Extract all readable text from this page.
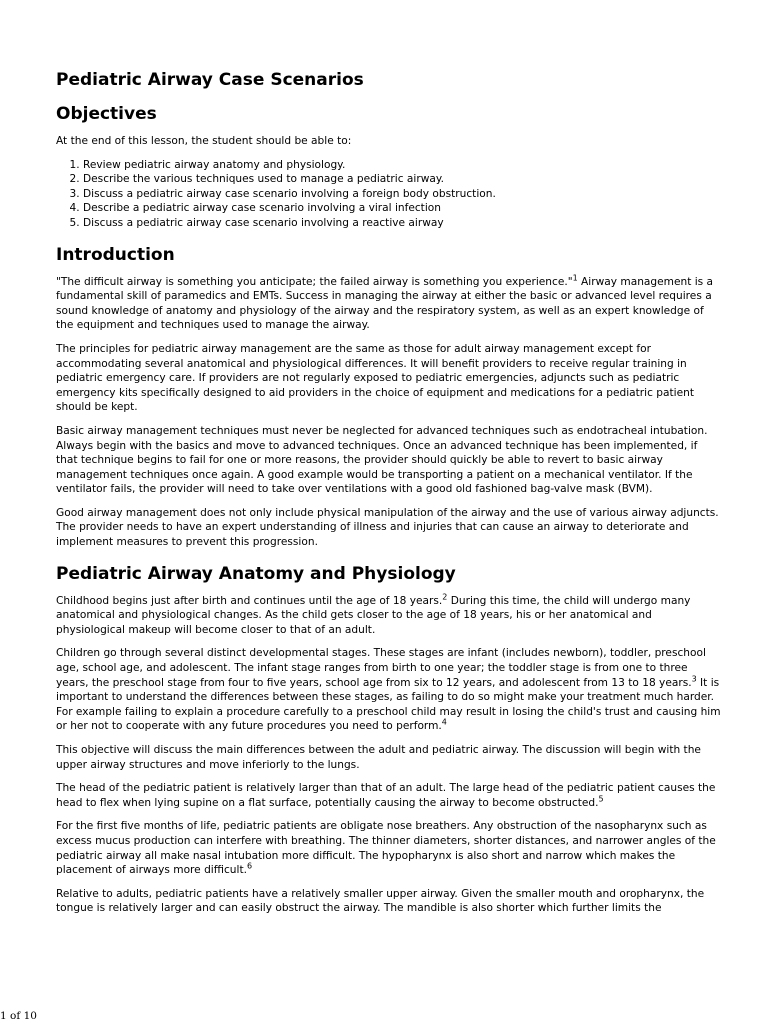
Pediatric Airway Case Scenarios
Objectives

At the end of this lesson, the student should be able to:

1. Review pediatric airway anatomy and physiology.
2. Describe the various techniques used to manage a pediatric airway.
3. Discuss a pediatric airway case scenario involving a foreign body obstruction.
4. Describe a pediatric airway case scenario involving a viral infection
5. Discuss a pediatric airway case scenario involving a reactive airway
Introduction

"The difficult airway is something you anticipate; the failed airway is something you experience."$^1$ Airway management is a fundamental skill of paramedics and EMTs. Success in managing the airway at either the basic or advanced level requires a sound knowledge of anatomy and physiology of the airway and the respiratory system, as well as an expert knowledge of the equipment and techniques used to manage the airway.

The principles for pediatric airway management are the same as those for adult airway management except for accommodating several anatomical and physiological differences. It will benefit providers to receive regular training in pediatric emergency care. If providers are not regularly exposed to pediatric emergencies, adjuncts such as pediatric emergency kits specifically designed to aid providers in the choice of equipment and medications for a pediatric patient should be kept.

Basic airway management techniques must never be neglected for advanced techniques such as endotracheal intubation. Always begin with the basics and move to advanced techniques. Once an advanced technique has been implemented, if that technique begins to fail for one or more reasons, the provider should quickly be able to revert to basic airway management techniques once again. A good example would be transporting a patient on a mechanical ventilator. If the ventilator fails, the provider will need to take over ventilations with a good old fashioned bag-valve mask (BVM).

Good airway management does not only include physical manipulation of the airway and the use of various airway adjuncts. The provider needs to have an expert understanding of illness and injuries that can cause an airway to deteriorate and implement measures to prevent this progression.

Pediatric Airway Anatomy and Physiology

Childhood begins just after birth and continues until the age of 18 years.$^2$ During this time, the child will undergo many anatomical and physiological changes. As the child gets closer to the age of 18 years, his or her anatomical and physiological makeup will become closer to that of an adult.

Children go through several distinct developmental stages. These stages are infant (includes newborn), toddler, preschool age, school age, and adolescent. The infant stage ranges from birth to one year; the toddler stage is from one to three years, the preschool stage from four to five years, school age from six to 12 years, and adolescent from 13 to 18 years.$^3$ It is important to understand the differences between these stages, as failing to do so might make your treatment much harder. For example failing to explain a procedure carefully to a preschool child may result in losing the child's trust and causing him or her not to cooperate with any future procedures you need to perform.$^4$

This objective will discuss the main differences between the adult and pediatric airway. The discussion will begin with the upper airway structures and move inferiorly to the lungs.

The head of the pediatric patient is relatively larger than that of an adult. The large head of the pediatric patient causes the head to flex when lying supine on a flat surface, potentially causing the airway to become obstructed.$^5$

For the first five months of life, pediatric patients are obligate nose breathers. Any obstruction of the nasopharynx such as excess mucus production can interfere with breathing. The thinner diameters, shorter distances, and narrower angles of the pediatric airway all make nasal intubation more difficult. The hypopharynx is also short and narrow which makes the placement of airways more difficult.$^6$

Relative to adults, pediatric patients have a relatively smaller upper airway. Given the smaller mouth and oropharynx, the tongue is relatively larger and can easily obstruct the airway. The mandible is also shorter which further limits the

1 of 10
